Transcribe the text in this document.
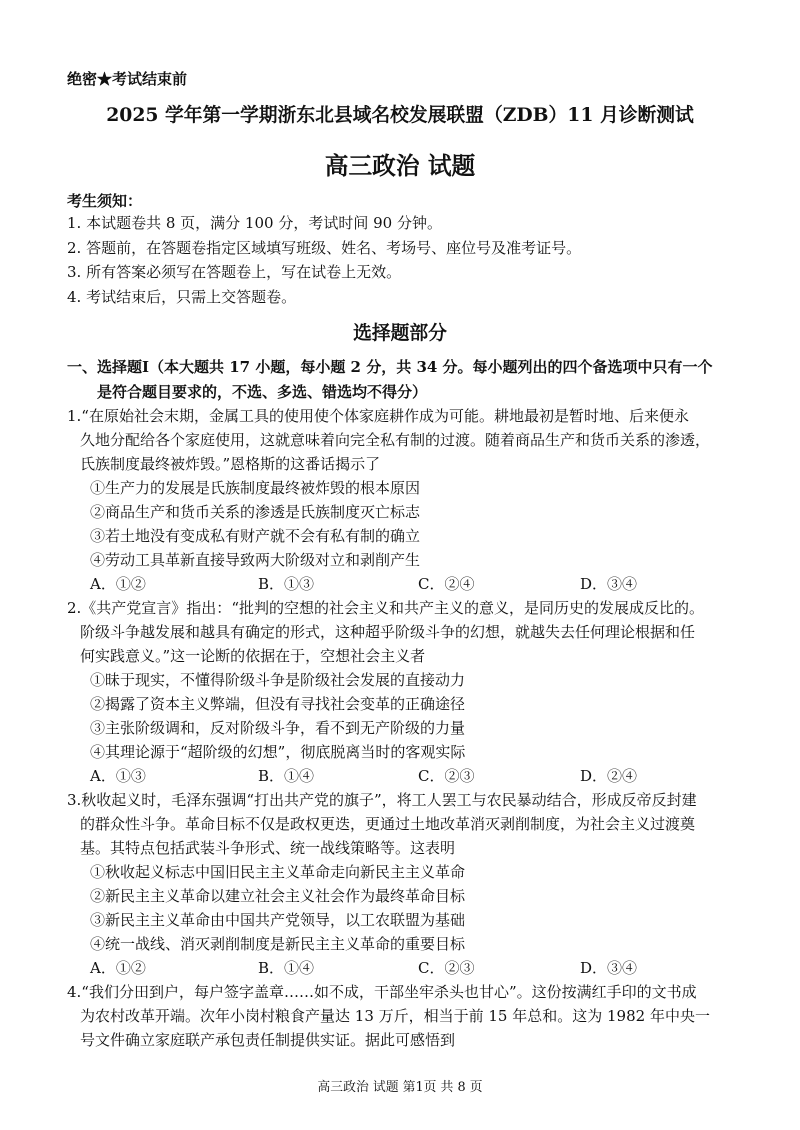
绝密★考试结束前
2025 学年第一学期浙东北县域名校发展联盟（ZDB）11 月诊断测试
高三政治 试题
考生须知：
1. 本试题卷共 8 页，满分 100 分，考试时间 90 分钟。
2. 答题前，在答题卷指定区域填写班级、姓名、考场号、座位号及准考证号。
3. 所有答案必须写在答题卷上，写在试卷上无效。
4. 考试结束后，只需上交答题卷。
选择题部分
一、选择题Ⅰ（本大题共 17 小题，每小题 2 分，共 34 分。每小题列出的四个备选项中只有一个
是符合题目要求的，不选、多选、错选均不得分）
1.“在原始社会末期，金属工具的使用使个体家庭耕作成为可能。耕地最初是暂时地、后来便永
久地分配给各个家庭使用，这就意味着向完全私有制的过渡。随着商品生产和货币关系的渗透，
氏族制度最终被炸毁。”恩格斯的这番话揭示了
①生产力的发展是氏族制度最终被炸毁的根本原因
②商品生产和货币关系的渗透是氏族制度灭亡标志
③若土地没有变成私有财产就不会有私有制的确立
④劳动工具革新直接导致两大阶级对立和剥削产生
A．①②	B．①③	C．②④	D．③④
2.《共产党宣言》指出：“批判的空想的社会主义和共产主义的意义，是同历史的发展成反比的。
阶级斗争越发展和越具有确定的形式，这种超乎阶级斗争的幻想，就越失去任何理论根据和任
何实践意义。”这一论断的依据在于，空想社会主义者
①昧于现实，不懂得阶级斗争是阶级社会发展的直接动力
②揭露了资本主义弊端，但没有寻找社会变革的正确途径
③主张阶级调和，反对阶级斗争，看不到无产阶级的力量
④其理论源于“超阶级的幻想”，彻底脱离当时的客观实际
A．①③	B．①④	C．②③	D．②④
3.秋收起义时，毛泽东强调“打出共产党的旗子”，将工人罢工与农民暴动结合，形成反帝反封建
的群众性斗争。革命目标不仅是政权更迭，更通过土地改革消灭剥削制度，为社会主义过渡奠
基。其特点包括武装斗争形式、统一战线策略等。这表明
①秋收起义标志中国旧民主主义革命走向新民主主义革命
②新民主主义革命以建立社会主义社会作为最终革命目标
③新民主主义革命由中国共产党领导，以工农联盟为基础
④统一战线、消灭剥削制度是新民主主义革命的重要目标
A．①②	B．①④	C．②③	D．③④
4.“我们分田到户，每户签字盖章……如不成，干部坐牢杀头也甘心”。这份按满红手印的文书成
为农村改革开端。次年小岗村粮食产量达 13 万斤，相当于前 15 年总和。这为 1982 年中央一
号文件确立家庭联产承包责任制提供实证。据此可感悟到
高三政治 试题 第1页 共 8 页
